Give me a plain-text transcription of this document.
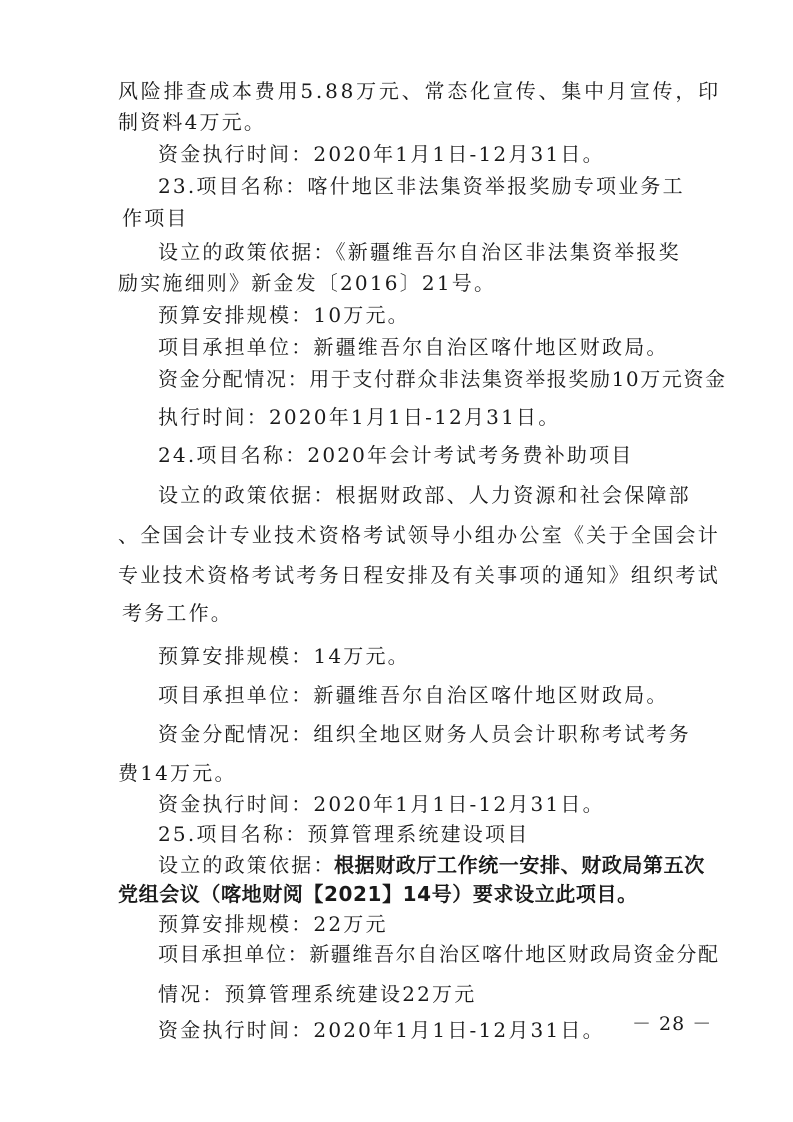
风险排查成本费用5.88万元、常态化宣传、集中月宣传，印
制资料4万元。
资金执行时间：2020年1月1日-12月31日。
23.项目名称：喀什地区非法集资举报奖励专项业务工
作项目
设立的政策依据：《新疆维吾尔自治区非法集资举报奖
励实施细则》新金发〔2016〕21号。
预算安排规模：10万元。
项目承担单位：新疆维吾尔自治区喀什地区财政局。
资金分配情况：用于支付群众非法集资举报奖励10万元资金
执行时间：2020年1月1日-12月31日。
24.项目名称：2020年会计考试考务费补助项目
设立的政策依据：根据财政部、人力资源和社会保障部
、全国会计专业技术资格考试领导小组办公室《关于全国会计
专业技术资格考试考务日程安排及有关事项的通知》组织考试
考务工作。
预算安排规模：14万元。
项目承担单位：新疆维吾尔自治区喀什地区财政局。
资金分配情况：组织全地区财务人员会计职称考试考务
费14万元。
资金执行时间：2020年1月1日-12月31日。
25.项目名称：预算管理系统建设项目
设立的政策依据：
根据财政厅工作统一安排、财政局第五次
党组会议（喀地财阅【2021】14号）要求设立此项目。
预算安排规模：22万元
项目承担单位：新疆维吾尔自治区喀什地区财政局资金分配
情况：预算管理系统建设22万元
资金执行时间：2020年1月1日-12月31日。 － 28 －
